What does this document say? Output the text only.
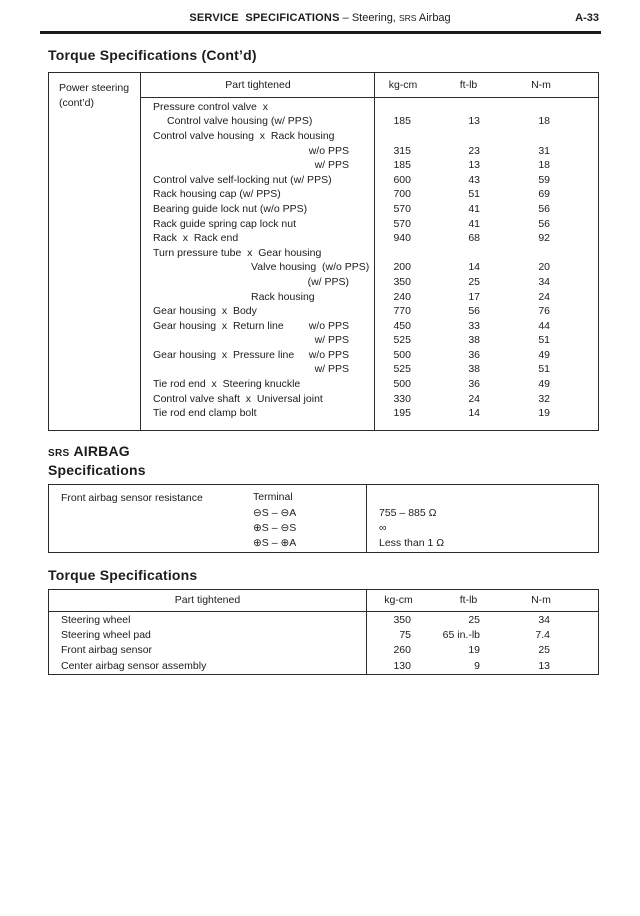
SERVICE  SPECIFICATIONS – Steering, SRS Airbag	A-33
Torque Specifications (Cont’d)
Power steering
(cont’d)
Part tightened	kg-cm	ft-lb	N-m
Pressure control valve  x
Control valve housing (w/ PPS)	185	13	18
Control valve housing  x  Rack housing
w/o PPS	315	23	31
w/ PPS	185	13	18
Control valve self-locking nut (w/ PPS)	600	43	59
Rack housing cap (w/ PPS)	700	51	69
Bearing guide lock nut (w/o PPS)	570	41	56
Rack guide spring cap lock nut	570	41	56
Rack  x  Rack end	940	68	92
Turn pressure tube  x  Gear housing
Valve housing  (w/o PPS)	200	14	20
(w/ PPS)	350	25	34
Rack housing	240	17	24
Gear housing  x  Body	770	56	76
Gear housing  x  Return line w/o PPS	450	33	44
w/ PPS	525	38	51
Gear housing  x  Pressure line w/o PPS	500	36	49
w/ PPS	525	38	51
Tie rod end  x  Steering knuckle	500	36	49
Control valve shaft  x  Universal joint	330	24	32
Tie rod end clamp bolt	195	14	19
SRS AIRBAG
Specifications
Front airbag sensor resistance	Terminal
⊖S – ⊖A	755 – 885 Ω
⊕S – ⊖S	∞
⊕S – ⊕A	Less than 1 Ω
Torque Specifications
Part tightened	kg-cm	ft-lb	N-m
Steering wheel	350	25	34
Steering wheel pad	75	65 in.-lb	7.4
Front airbag sensor	260	19	25
Center airbag sensor assembly	130	9	13
